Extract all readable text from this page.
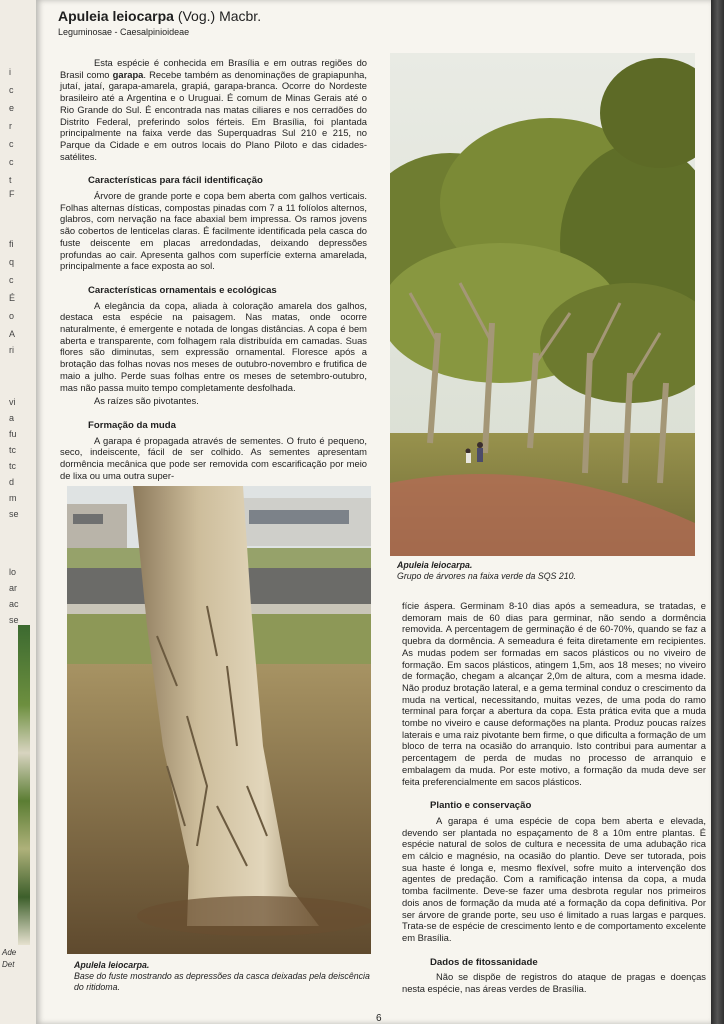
i
c
e
r
c
c
t
F
fi
q
c
É
o
A
ri
vi
a
fu
tc
tc
d
m
se
lo
ar
ac
se
Ade
Det
Apuleia leiocarpa (Vog.) Macbr.
Leguminosae - Caesalpinioideae

Esta espécie é conhecida em Brasília e em outras regiões do Brasil como garapa. Recebe também as denominações de grapiapunha, jutaí, jataí, garapa-amarela, grapiá, garapa-branca. Ocorre do Nordeste brasileiro até a Argentina e o Uruguai. É comum de Minas Gerais até o Rio Grande do Sul. É encontrada nas matas ciliares e nos cerradões do Distrito Federal, preferindo solos férteis. Em Brasília, foi plantada principalmente na faixa verde das Superquadras Sul 210 e 215, no Parque da Cidade e em outros locais do Plano Piloto e das cidades-satélites.

Características para fácil identificação

Árvore de grande porte e copa bem aberta com galhos verticais. Folhas alternas dísticas, compostas pinadas com 7 a 11 folíolos alternos, glabros, com nervação na face abaxial bem impressa. Os ramos jovens são cobertos de lenticelas claras. É facilmente identificada pela casca do fuste deiscente em placas arredondadas, deixando depressões profundas ao cair. Apresenta galhos com superfície externa amarelada, principalmente a face exposta ao sol.

Características ornamentais e ecológicas

A elegância da copa, aliada à coloração amarela dos galhos, destaca esta espécie na paisagem. Nas matas, onde ocorre naturalmente, é emergente e notada de longas distâncias. A copa é bem aberta e transparente, com folhagem rala distribuída em camadas. Suas flores são diminutas, sem expressão ornamental. Floresce após a brotação das folhas novas nos meses de outubro-novembro e frutifica de maio a julho. Perde suas folhas entre os meses de setembro-outubro, mas não passa muito tempo completamente desfolhada.

As raízes são pivotantes.

Formação da muda

A garapa é propagada através de sementes. O fruto é pequeno, seco, indeiscente, fácil de ser colhido. As sementes apresentam dormência mecânica que pode ser removida com escarificação por meio de lixa ou uma outra super-

Apulela leiocarpa.
Base do fuste mostrando as depressões da casca deixadas pela deiscência do ritidoma.
Apuleia leiocarpa.
Grupo de árvores na faixa verde da SQS 210.

fície áspera. Germinam 8-10 dias após a semeadura, se tratadas, e demoram mais de 60 dias para germinar, não sendo a dormência removida. A percentagem de germinação é de 60-70%, quando se faz a quebra da dormência. A semeadura é feita diretamente em recipientes. As mudas podem ser formadas em sacos plásticos ou no viveiro de formação. Em sacos plásticos, atingem 1,5m, aos 18 meses; no viveiro de formação, chegam a alcançar 2,0m de altura, com a mesma idade. Não produz brotação lateral, e a gema terminal conduz o crescimento da muda na vertical, necessitando, muitas vezes, de uma poda do ramo terminal para forçar a abertura da copa. Esta prática evita que a muda tombe no viveiro e cause deformações na planta. Produz poucas raízes laterais e uma raiz pivotante bem firme, o que dificulta a formação de um bloco de terra na ocasião do arranquio. Isto contribui para aumentar a percentagem de perda de mudas no processo de arranquio e embalagem da muda. Por este motivo, a formação da muda deve ser feita preferencialmente em sacos plásticos.

Plantio e conservação

A garapa é uma espécie de copa bem aberta e elevada, devendo ser plantada no espaçamento de 8 a 10m entre plantas. É espécie natural de solos de cultura e necessita de uma adubação rica em cálcio e magnésio, na ocasião do plantio. Deve ser tutorada, pois sua haste é longa e, mesmo flexível, sofre muito a intervenção dos agentes de predação. Com a ramificação intensa da copa, a muda tomba facilmente. Deve-se fazer uma desbrota regular nos primeiros dois anos de formação da muda até a formação da copa definitiva. Por ser árvore de grande porte, seu uso é limitado a ruas largas e parques. Trata-se de espécie de crescimento lento e de comportamento excelente em Brasília.

Dados de fitossanidade

Não se dispõe de registros do ataque de pragas e doenças nesta espécie, nas áreas verdes de Brasília.

6
